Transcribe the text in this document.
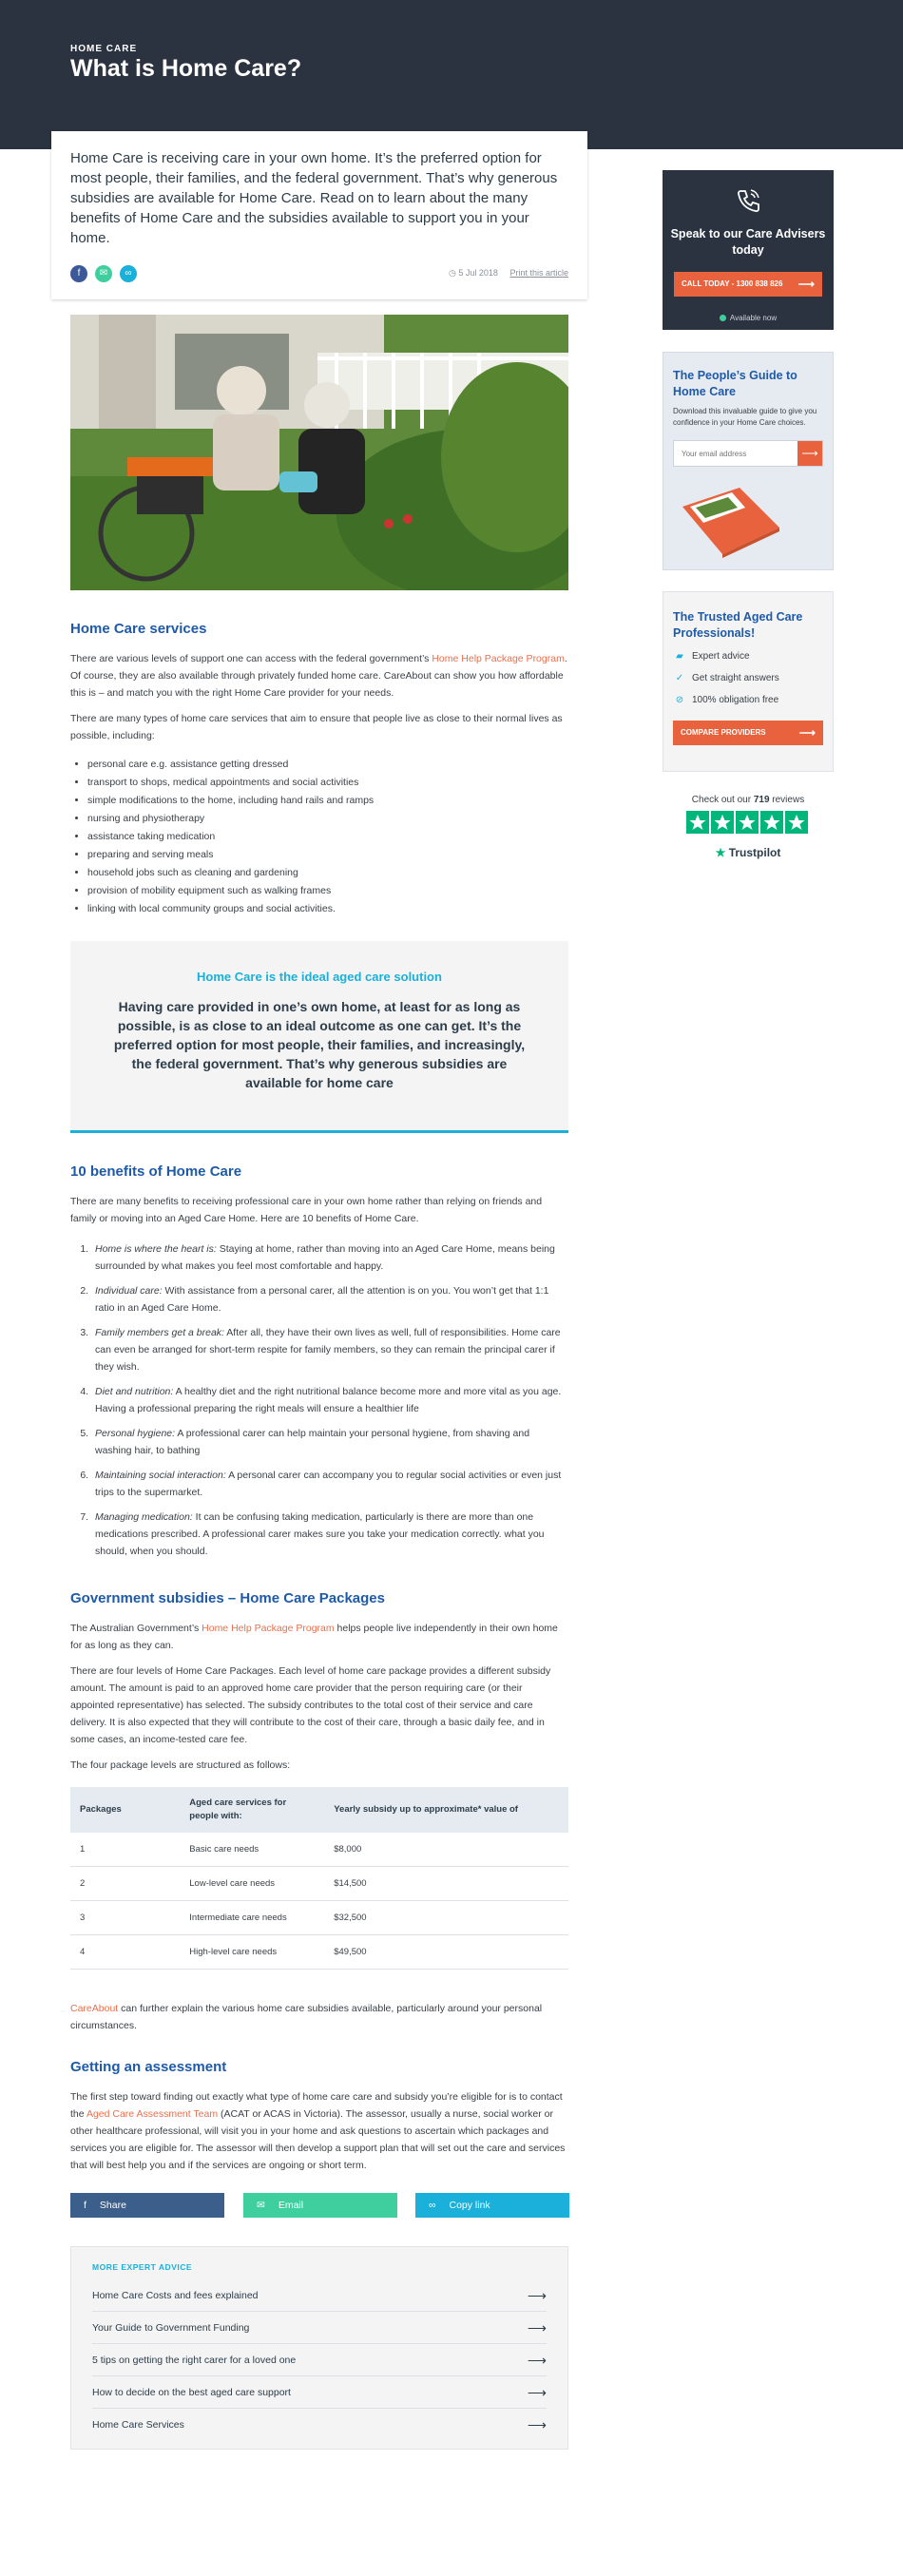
HOME CARE
What is Home Care?
Home Care is receiving care in your own home. It’s the preferred option for most people, their families, and the federal government. That’s why generous subsidies are available for Home Care. Read on to learn about the many benefits of Home Care and the subsidies available to support you in your home.
f	✉	∞	◷ 5 Jul 2018 Print this article
Home Care services

There are various levels of support one can access with the federal government’s Home Help Package Program. Of course, they are also available through privately funded home care. CareAbout can show you how affordable this is – and match you with the right Home Care provider for your needs.

There are many types of home care services that aim to ensure that people live as close to their normal lives as possible, including:

• personal care e.g. assistance getting dressed
• transport to shops, medical appointments and social activities
• simple modifications to the home, including hand rails and ramps
• nursing and physiotherapy
• assistance taking medication
• preparing and serving meals
• household jobs such as cleaning and gardening
• provision of mobility equipment such as walking frames
• linking with local community groups and social activities.
Home Care is the ideal aged care solution
Having care provided in one’s own home, at least for as long as possible, is as close to an ideal outcome as one can get. It’s the preferred option for most people, their families, and increasingly, the federal government. That’s why generous subsidies are available for home care
10 benefits of Home Care

There are many benefits to receiving professional care in your own home rather than relying on friends and family or moving into an Aged Care Home. Here are 10 benefits of Home Care.

1. Home is where the heart is: Staying at home, rather than moving into an Aged Care Home, means being surrounded by what makes you feel most comfortable and happy.
2. Individual care: With assistance from a personal carer, all the attention is on you. You won’t get that 1:1 ratio in an Aged Care Home.
3. Family members get a break: After all, they have their own lives as well, full of responsibilities. Home care can even be arranged for short-term respite for family members, so they can remain the principal carer if they wish.
4. Diet and nutrition: A healthy diet and the right nutritional balance become more and more vital as you age. Having a professional preparing the right meals will ensure a healthier life
5. Personal hygiene: A professional carer can help maintain your personal hygiene, from shaving and washing hair, to bathing
6. Maintaining social interaction: A personal carer can accompany you to regular social activities or even just trips to the supermarket.
7. Managing medication: It can be confusing taking medication, particularly is there are more than one medications prescribed. A professional carer makes sure you take your medication correctly. what you should, when you should.
Government subsidies – Home Care Packages

The Australian Government’s Home Help Package Program helps people live independently in their own home for as long as they can.

There are four levels of Home Care Packages. Each level of home care package provides a different subsidy amount. The amount is paid to an approved home care provider that the person requiring care (or their appointed representative) has selected. The subsidy contributes to the total cost of their service and care delivery. It is also expected that they will contribute to the cost of their care, through a basic daily fee, and in some cases, an income-tested care fee.

The four package levels are structured as follows:

Packages	Aged care services for people with:	Yearly subsidy up to approximate* value of
1	Basic care needs	$8,000
2	Low-level care needs	$14,500
3	Intermediate care needs	$32,500
4	High-level care needs	$49,500

CareAbout can further explain the various home care subsidies available, particularly around your personal circumstances.

Getting an assessment

The first step toward finding out exactly what type of home care care and subsidy you’re eligible for is to contact the Aged Care Assessment Team (ACAT or ACAS in Victoria). The assessor, usually a nurse, social worker or other healthcare professional, will visit you in your home and ask questions to ascertain which packages and services you are eligible for. The assessor will then develop a support plan that will set out the care and services that will best help you and if the services are ongoing or short term.

f Share	✉ Email	∞ Copy link
MORE EXPERT ADVICE
Home Care Costs and fees explained	⟶
Your Guide to Government Funding	⟶
5 tips on getting the right carer for a loved one	⟶
How to decide on the best aged care support	⟶
Home Care Services	⟶
Speak to our Care Advisers today
CALL TODAY - 1300 838 826 ⟶
Available now
The People’s Guide to Home Care
Download this invaluable guide to give you confidence in your Home Care choices.
Your email address
⟶
The Trusted Aged Care Professionals!
▰ Expert advice
✓ Get straight answers
⊘ 100% obligation free
COMPARE PROVIDERS	⟶
Check out our 719 reviews
★ Trustpilot
